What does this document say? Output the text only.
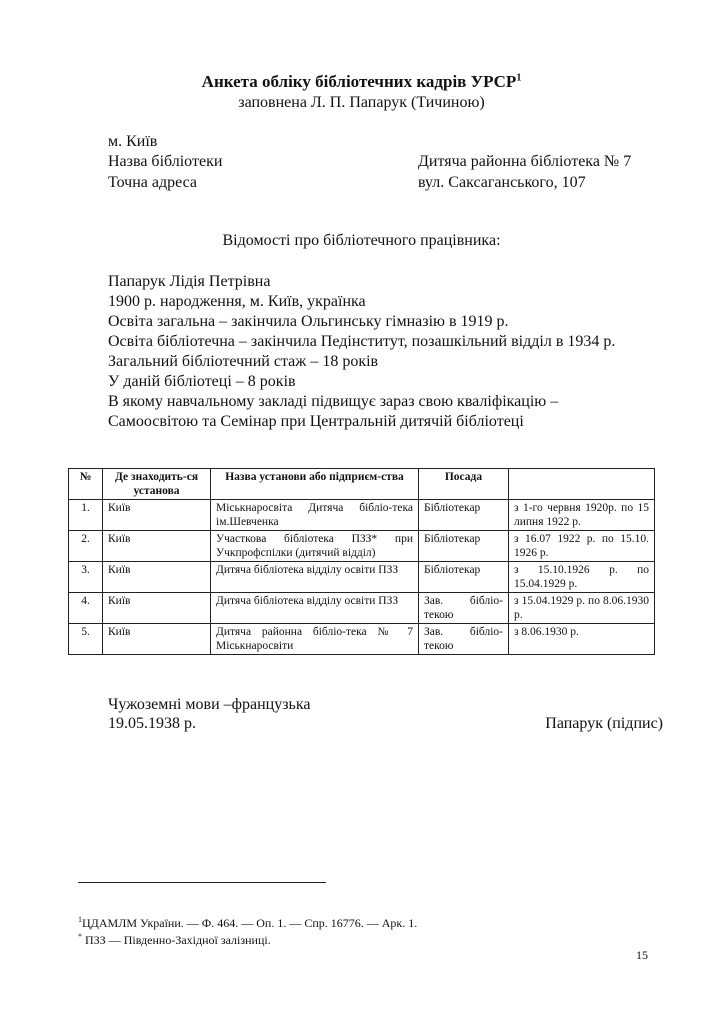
Анкета обліку бібліотечних кадрів УРСР$^1$
заповнена Л. П. Папарук (Тичиною)
м. Київ
Назва бібліотеки	Дитяча районна бібліотека № 7
Точна адреса	вул. Саксаганського, 107
Відомості про бібліотечного працівника:
Папарук Лідія Петрівна
1900 р. народження, м. Київ, українка
Освіта загальна – закінчила Ольгинську гімназію в 1919 р.
Освіта бібліотечна – закінчила Педінститут, позашкільний відділ в 1934 р.
Загальний бібліотечний стаж – 18 років
У даній бібліотеці – 8 років
В якому навчальному закладі підвищує зараз свою кваліфікацію –
Самоосвітою та Семінар при Центральній дитячій бібліотеці
№	Де знаходить-ся установа	Назва установи або підприєм-ства	Посада	
1.	Київ	Міськнаросвіта Дитяча бібліо-тека ім.Шевченка	Бібліотекар	з 1-го червня 1920р. по 15 липня 1922 р.
2.	Київ	Участкова бібліотека ПЗЗ* при Учкпрофспілки (дитячий відділ)	Бібліотекар	з 16.07 1922 р. по 15.10. 1926 р.
3.	Київ	Дитяча бібліотека відділу освіти ПЗЗ	Бібліотекар	з 15.10.1926 р. по 15.04.1929 р.
4.	Київ	Дитяча бібліотека відділу освіти ПЗЗ	Зав. бібліо-текою	з 15.04.1929 р. по 8.06.1930 р.
5.	Київ	Дитяча районна бібліо-тека № 7 Міськнаросвіти	Зав. бібліо-текою	з 8.06.1930 р.
Чужоземні мови –французька
19.05.1938 р.	Папарук (підпис)
$^1$ЦДАМЛМ України. — Ф. 464. — Оп. 1. — Спр. 16776. — Арк. 1.
* ПЗЗ — Південно-Західної залізниці.
15
